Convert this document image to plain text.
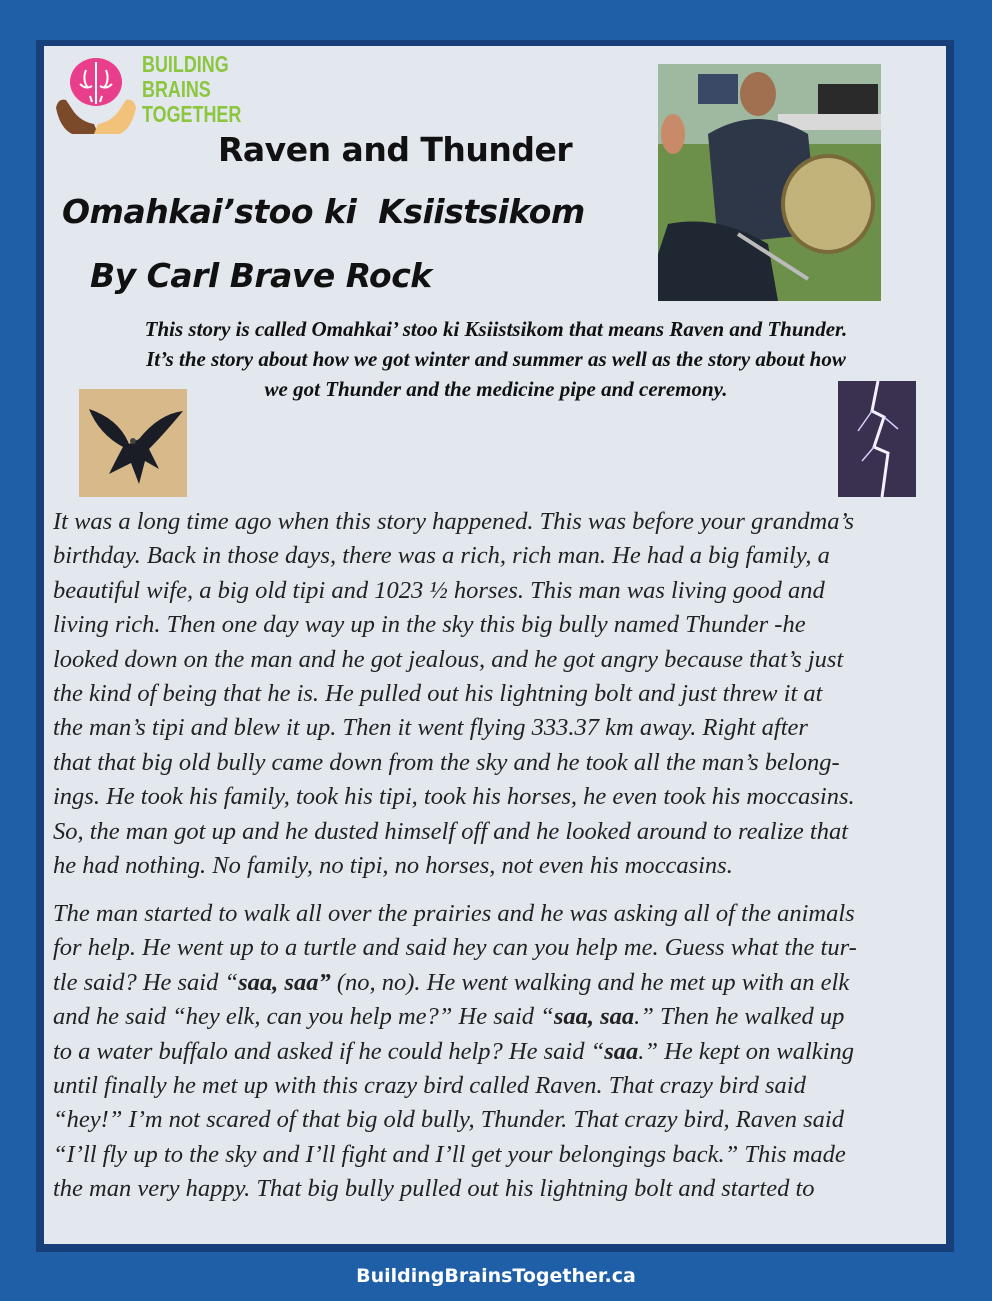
BUILDING
BRAINS
TOGETHER
Raven and Thunder
Omahkai’stoo ki  Ksiistsikom
By Carl Brave Rock
This story is called Omahkai’ stoo ki Ksiistsikom that means Raven and Thunder.
It’s the story about how we got winter and summer as well as the story about how
we got Thunder and the medicine pipe and ceremony.
It was a long time ago when this story happened. This was before your grandma’s
birthday. Back in those days, there was a rich, rich man. He had a big family, a
beautiful wife, a big old tipi and 1023 ½ horses. This man was living good and
living rich. Then one day way up in the sky this big bully named Thunder -he
looked down on the man and he got jealous, and he got angry because that’s just
the kind of being that he is. He pulled out his lightning bolt and just threw it at
the man’s tipi and blew it up. Then it went flying 333.37 km away. Right after
that that big old bully came down from the sky and he took all the man’s belong-
ings. He took his family, took his tipi, took his horses, he even took his moccasins.
So, the man got up and he dusted himself off and he looked around to realize that
he had nothing. No family, no tipi, no horses, not even his moccasins.
The man started to walk all over the prairies and he was asking all of the animals
for help. He went up to a turtle and said hey can you help me. Guess what the tur-
tle said? He said “saa, saa” (no, no). He went walking and he met up with an elk
and he said “hey elk, can you help me?” He said “saa, saa.” Then he walked up
to a water buffalo and asked if he could help? He said “saa.” He kept on walking
until finally he met up with this crazy bird called Raven. That crazy bird said
“hey!” I’m not scared of that big old bully, Thunder. That crazy bird, Raven said
“I’ll fly up to the sky and I’ll fight and I’ll get your belongings back.” This made
the man very happy. That big bully pulled out his lightning bolt and started to
BuildingBrainsTogether.ca
